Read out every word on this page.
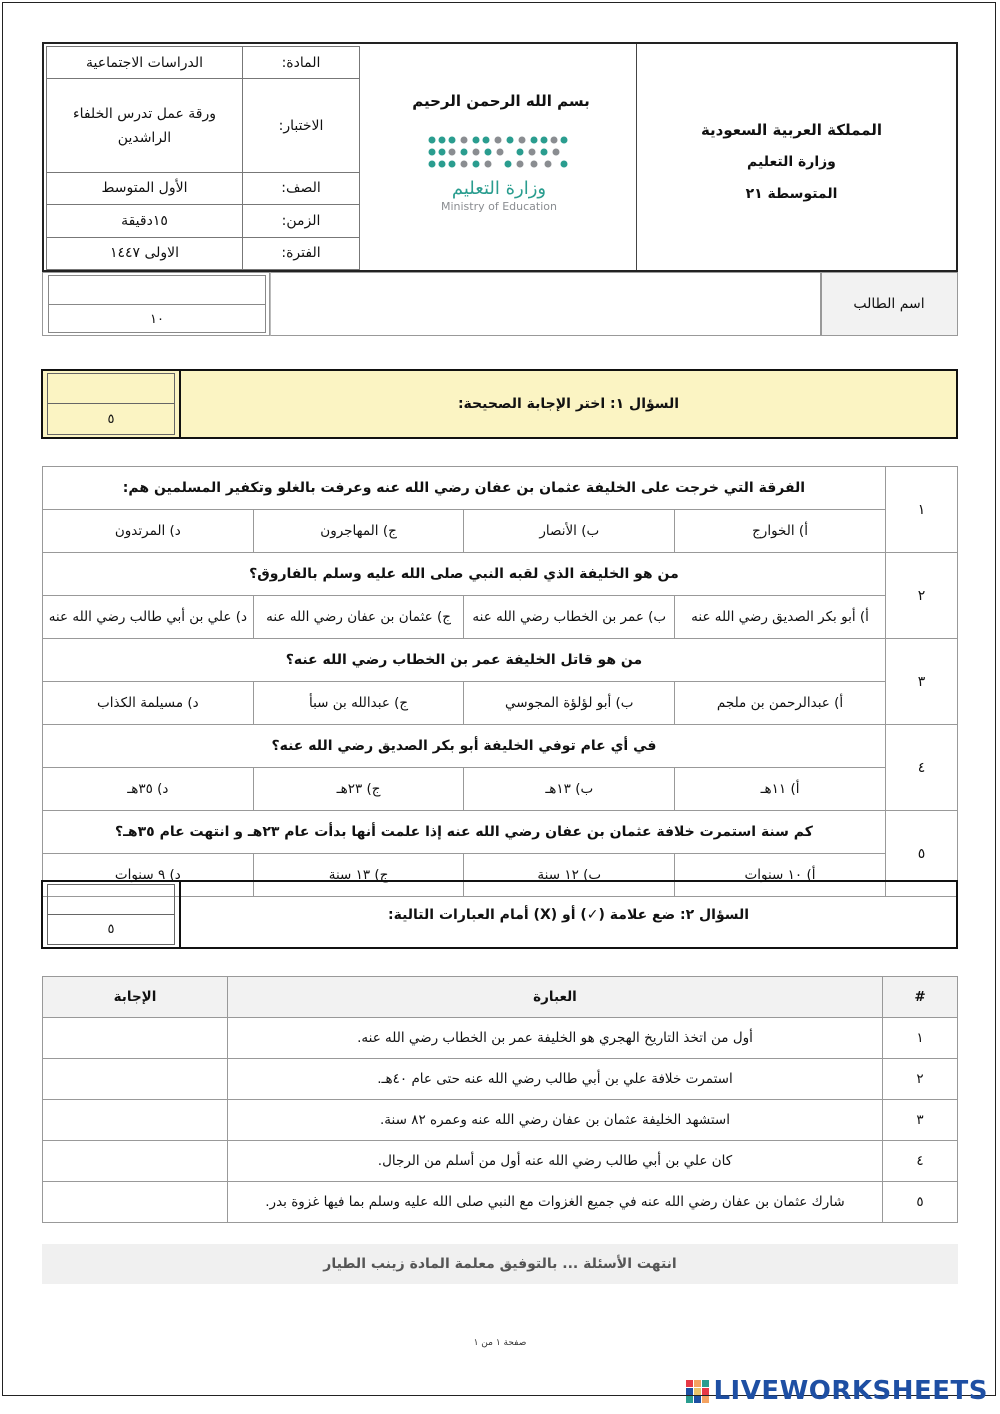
المملكة العربية السعودية
وزارة التعليم
المتوسطة ٢١
بسم الله الرحمن الرحيم
وزارة التعليم
Ministry of Education
المادة:	الدراسات الاجتماعية
الاختبار:	ورقة عمل تدرس الخلفاء الراشدين
الصف:	الأول المتوسط
الزمن:	١٥دقيقة
الفترة:	الاولى ١٤٤٧
اسم الطالب
١٠
السؤال ١: اختر الإجابة الصحيحة:
٥
١	الفرقة التي خرجت على الخليفة عثمان بن عفان رضي الله عنه وعرفت بالغلو وتكفير المسلمين هم:			
	أ) الخوارج	ب) الأنصار	ج) المهاجرون	د) المرتدون
٢	من هو الخليفة الذي لقبه النبي صلى الله عليه وسلم بالفاروق؟			
	أ) أبو بكر الصديق رضي الله عنه	ب) عمر بن الخطاب رضي الله عنه	ج) عثمان بن عفان رضي الله عنه	د) علي بن أبي طالب رضي الله عنه
٣	من هو قاتل الخليفة عمر بن الخطاب رضي الله عنه؟			
	أ) عبدالرحمن بن ملجم	ب) أبو لؤلؤة المجوسي	ج) عبدالله بن سبأ	د) مسيلمة الكذاب
٤	في أي عام توفي الخليفة أبو بكر الصديق رضي الله عنه؟			
	أ) ١١هـ	ب) ١٣هـ	ج) ٢٣هـ	د) ٣٥هـ
٥	كم سنة استمرت خلافة عثمان بن عفان رضي الله عنه إذا علمت أنها بدأت عام ٢٣هـ و انتهت عام ٣٥هـ؟			
	أ) ١٠ سنوات	ب) ١٢ سنة	ج) ١٣ سنة	د) ٩ سنوات
السؤال ٢: ضع علامة (✓) أو (X) أمام العبارات التالية:
٥
#	العبارة	الإجابة
١	أول من اتخذ التاريخ الهجري هو الخليفة عمر بن الخطاب رضي الله عنه.	
٢	استمرت خلافة علي بن أبي طالب رضي الله عنه حتى عام ٤٠هـ.	
٣	استشهد الخليفة عثمان بن عفان رضي الله عنه وعمره ٨٢ سنة.	
٤	كان علي بن أبي طالب رضي الله عنه أول من أسلم من الرجال.	
٥	شارك عثمان بن عفان رضي الله عنه في جميع الغزوات مع النبي صلى الله عليه وسلم بما فيها غزوة بدر.	
انتهت الأسئلة ... بالتوفيق معلمة المادة زينب الطيار
صفحة ١ من ١
LIVEWORKSHEETS
